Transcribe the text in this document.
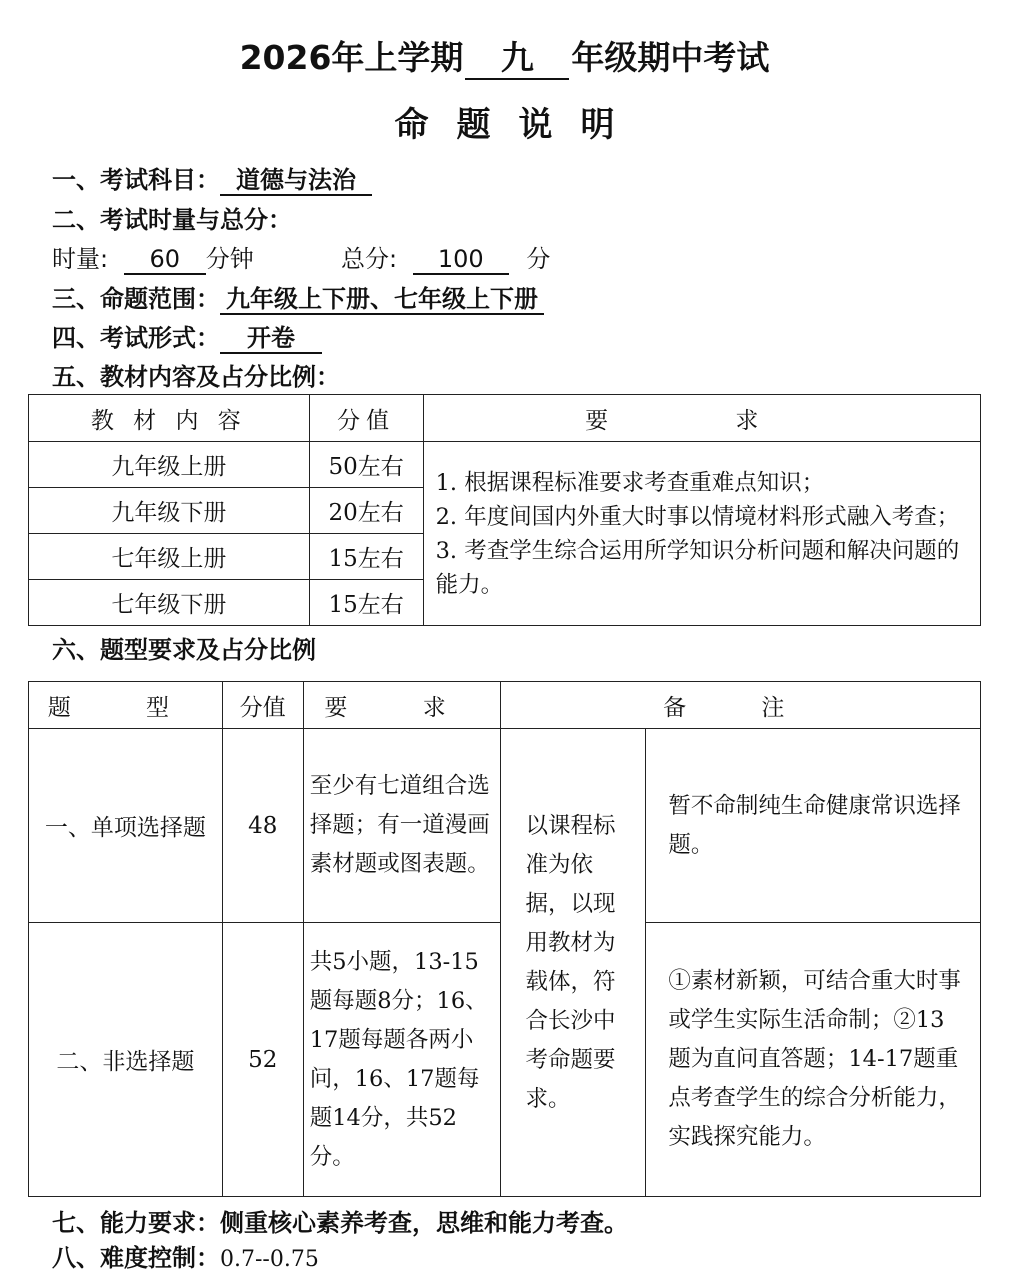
2026年上学期 九 年级期中考试
命题说明
一、考试科目： 道德与法治
二、考试时量与总分：
时量: 60 分钟	总分: 100 分
三、命题范围： 九年级上下册、七年级上下册
四、考试形式： 开卷
五、教材内容及占分比例：
教 材 内 容	分值	要 求
九年级上册	50左右	1. 根据课程标准要求考查重难点知识；
2. 年度间国内外重大时事以情境材料形式融入考查；
3. 考查学生综合运用所学知识分析问题和解决问题的能力。

九年级下册	20左右	
七年级上册	15左右	
七年级下册	15左右	
六、题型要求及占分比例
题 型	分值	要 求	备 注	
一、单项选择题	48	至少有七道组合选择题；有一道漫画素材题或图表题。	以课程标准为依据，以现用教材为载体，符合长沙中考命题要求。	暂不命制纯生命健康常识选择题。
二、非选择题	52	共5小题，13-15题每题8分；16、17题每题各两小问，16、17题每题14分，共52分。		①素材新颖，可结合重大时事或学生实际生活命制；②13题为直问直答题；14-17题重点考查学生的综合分析能力，实践探究能力。
七、能力要求：侧重核心素养考查，思维和能力考查。
八、难度控制：0.7--0.75
